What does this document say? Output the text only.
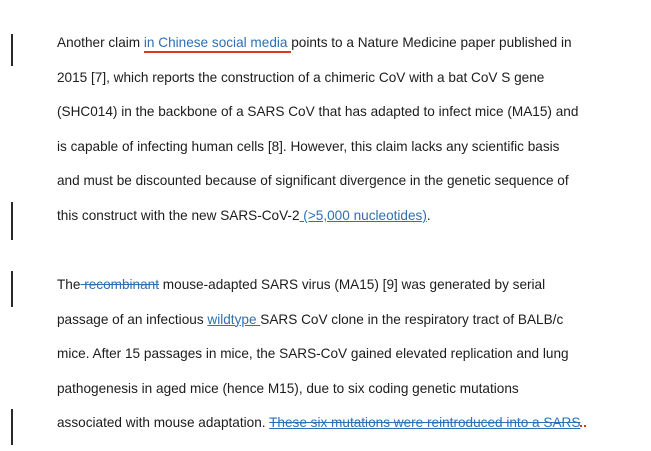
Another claim in Chinese social media points to a Nature Medicine paper published in
2015 [7], which reports the construction of a chimeric CoV with a bat CoV S gene
(SHC014) in the backbone of a SARS CoV that has adapted to infect mice (MA15) and
is capable of infecting human cells [8]. However, this claim lacks any scientific basis
and must be discounted because of significant divergence in the genetic sequence of
this construct with the new SARS-CoV-2 (>5,000 nucleotides).

The recombinant mouse-adapted SARS virus (MA15) [9] was generated by serial
passage of an infectious wildtype SARS CoV clone in the respiratory tract of BALB/c
mice. After 15 passages in mice, the SARS-CoV gained elevated replication and lung
pathogenesis in aged mice (hence M15), due to six coding genetic mutations
associated with mouse adaptation. These six mutations were reintroduced into a SARS
